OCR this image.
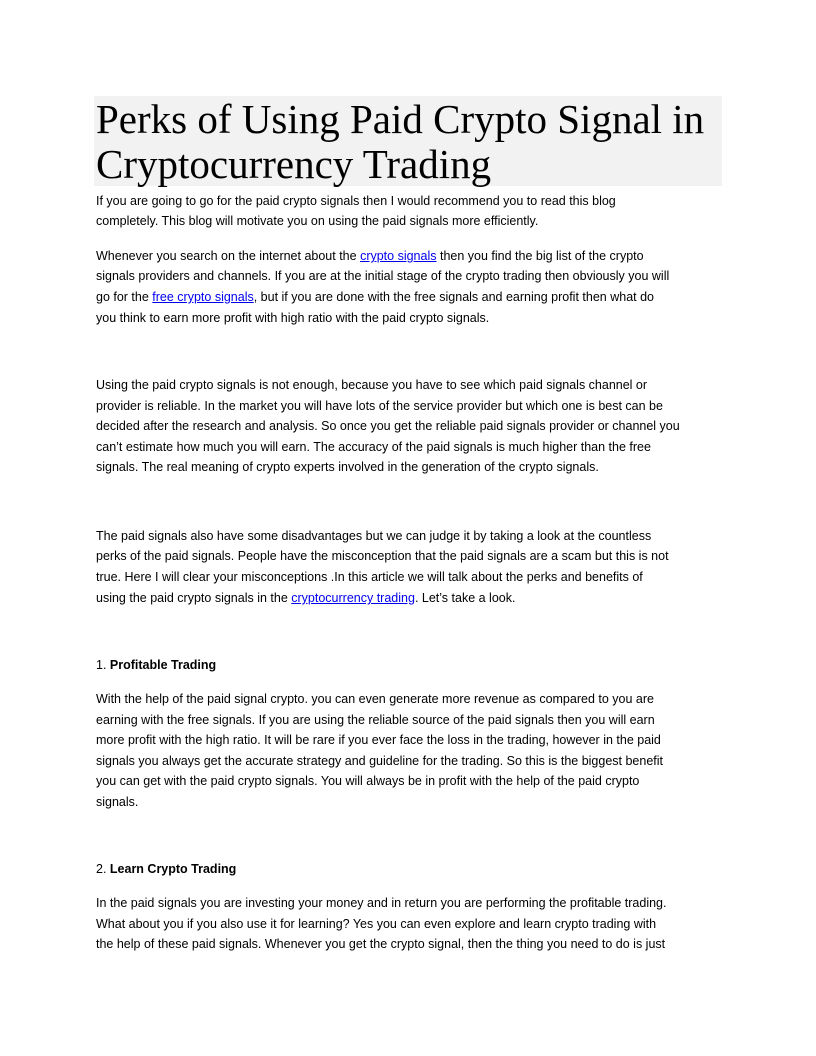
Perks of Using Paid Crypto Signal in
Cryptocurrency Trading

If you are going to go for the paid crypto signals then I would recommend you to read this blog

completely. This blog will motivate you on using the paid signals more efficiently.

Whenever you search on the internet about the crypto signals then you find the big list of the crypto

signals providers and channels. If you are at the initial stage of the crypto trading then obviously you will

go for the free crypto signals, but if you are done with the free signals and earning profit then what do

you think to earn more profit with high ratio with the paid crypto signals.

Using the paid crypto signals is not enough, because you have to see which paid signals channel or

provider is reliable. In the market you will have lots of the service provider but which one is best can be

decided after the research and analysis. So once you get the reliable paid signals provider or channel you

can’t estimate how much you will earn. The accuracy of the paid signals is much higher than the free

signals. The real meaning of crypto experts involved in the generation of the crypto signals.

The paid signals also have some disadvantages but we can judge it by taking a look at the countless

perks of the paid signals. People have the misconception that the paid signals are a scam but this is not

true. Here I will clear your misconceptions .In this article we will talk about the perks and benefits of

using the paid crypto signals in the cryptocurrency trading. Let’s take a look.

1. Profitable Trading

With the help of the paid signal crypto. you can even generate more revenue as compared to you are

earning with the free signals. If you are using the reliable source of the paid signals then you will earn

more profit with the high ratio. It will be rare if you ever face the loss in the trading, however in the paid

signals you always get the accurate strategy and guideline for the trading. So this is the biggest benefit

you can get with the paid crypto signals. You will always be in profit with the help of the paid crypto

signals.

2. Learn Crypto Trading

In the paid signals you are investing your money and in return you are performing the profitable trading.

What about you if you also use it for learning? Yes you can even explore and learn crypto trading with

the help of these paid signals. Whenever you get the crypto signal, then the thing you need to do is just
